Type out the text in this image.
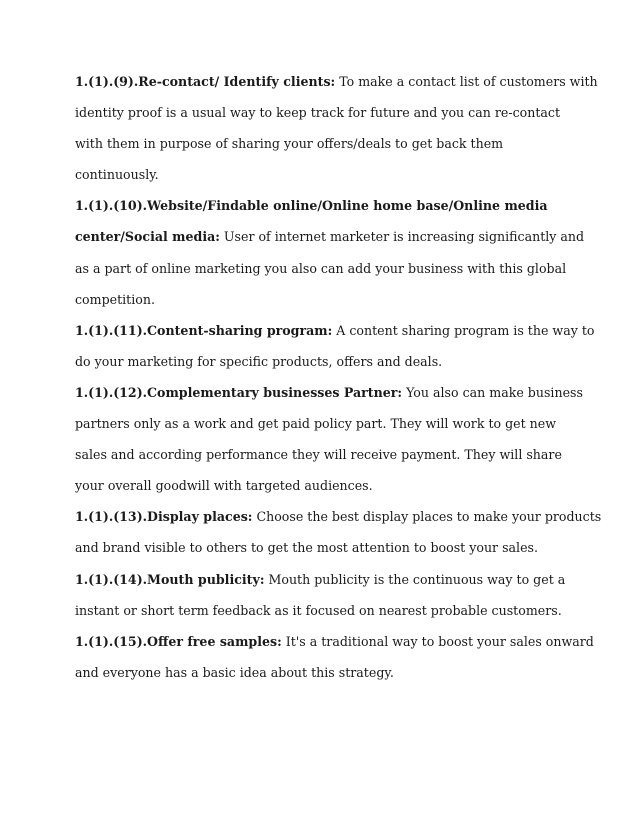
1.(1).(9).Re-contact/ Identify clients: To make a contact list of customers with
identity proof is a usual way to keep track for future and you can re-contact
with them in purpose of sharing your offers/deals to get back them
continuously.
1.(1).(10).Website/Findable online/Online home base/Online media
center/Social media: User of internet marketer is increasing significantly and
as a part of online marketing you also can add your business with this global
competition.
1.(1).(11).Content-sharing program: A content sharing program is the way to
do your marketing for specific products, offers and deals.
1.(1).(12).Complementary businesses Partner: You also can make business
partners only as a work and get paid policy part. They will work to get new
sales and according performance they will receive payment. They will share
your overall goodwill with targeted audiences.
1.(1).(13).Display places: Choose the best display places to make your products
and brand visible to others to get the most attention to boost your sales.
1.(1).(14).Mouth publicity: Mouth publicity is the continuous way to get a
instant or short term feedback as it focused on nearest probable customers.
1.(1).(15).Offer free samples: It's a traditional way to boost your sales onward
and everyone has a basic idea about this strategy.
